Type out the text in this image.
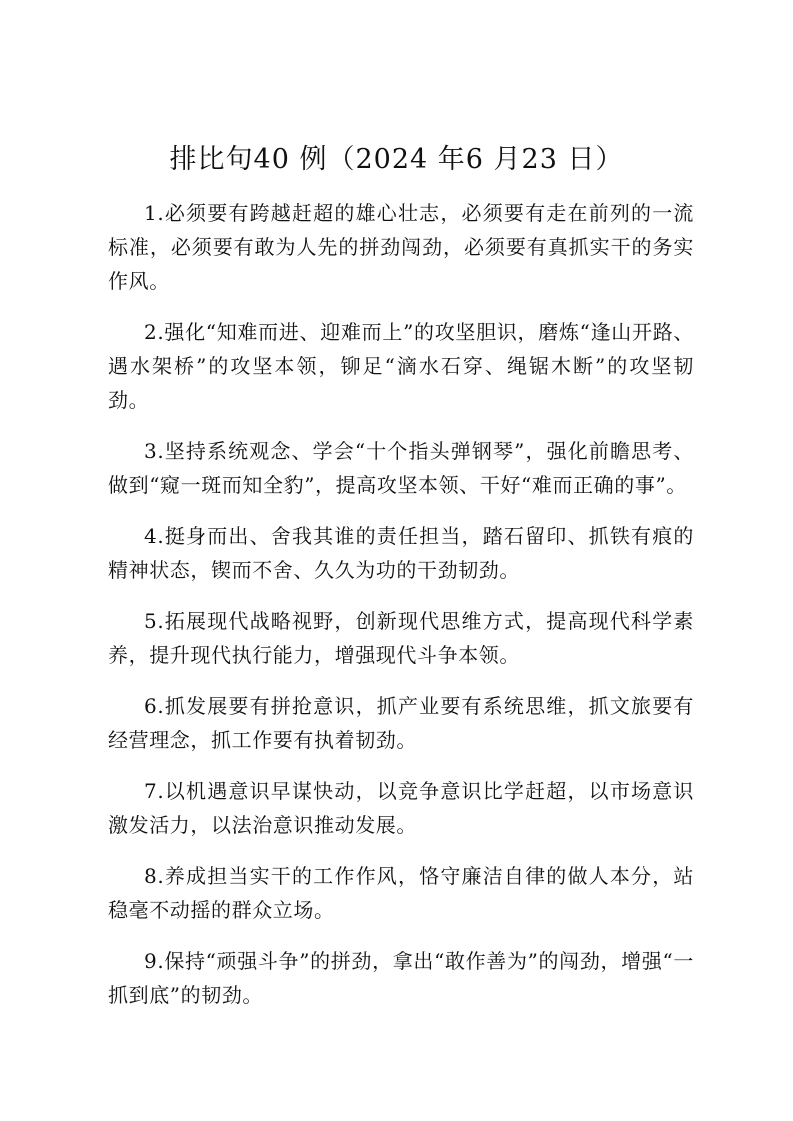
排比句40 例（2024 年6 月23 日）

1.必须要有跨越赶超的雄心壮志，必须要有走在前列的一流标准，必须要有敢为人先的拼劲闯劲，必须要有真抓实干的务实作风。

2.强化“知难而进、迎难而上”的攻坚胆识，磨炼“逢山开路、遇水架桥”的攻坚本领，铆足“滴水石穿、绳锯木断”的攻坚韧劲。

3.坚持系统观念、学会“十个指头弹钢琴”，强化前瞻思考、做到“窥一斑而知全豹”，提高攻坚本领、干好“难而正确的事”。

4.挺身而出、舍我其谁的责任担当，踏石留印、抓铁有痕的精神状态，锲而不舍、久久为功的干劲韧劲。

5.拓展现代战略视野，创新现代思维方式，提高现代科学素养，提升现代执行能力，增强现代斗争本领。

6.抓发展要有拼抢意识，抓产业要有系统思维，抓文旅要有经营理念，抓工作要有执着韧劲。

7.以机遇意识早谋快动，以竞争意识比学赶超，以市场意识激发活力，以法治意识推动发展。

8.养成担当实干的工作作风，恪守廉洁自律的做人本分，站稳毫不动摇的群众立场。

9.保持“顽强斗争”的拼劲，拿出“敢作善为”的闯劲，增强“一抓到底”的韧劲。
